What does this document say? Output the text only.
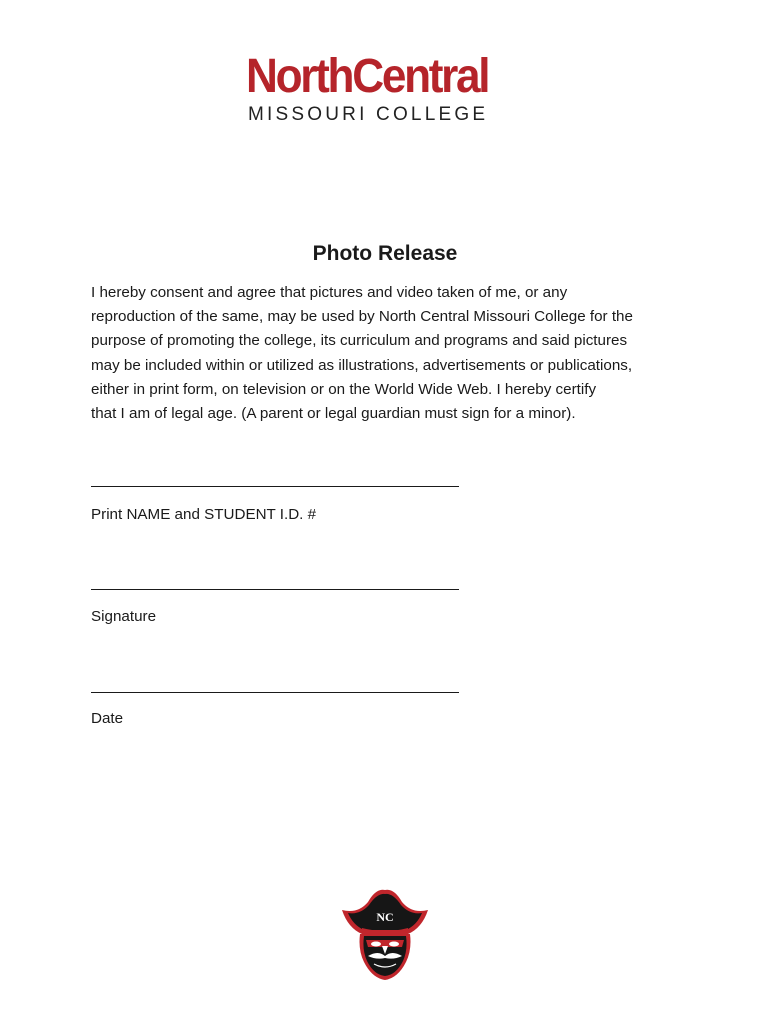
NorthCentral
MISSOURI COLLEGE
Photo Release
I hereby consent and agree that pictures and video taken of me, or any
reproduction of the same, may be used by North Central Missouri College for the
purpose of promoting the college, its curriculum and programs and said pictures
may be included within or utilized as illustrations, advertisements or publications,
either in print form, on television or on the World Wide Web. I hereby certify
that I am of legal age. (A parent or legal guardian must sign for a minor).
Print NAME and STUDENT I.D. #
Signature
Date
NC
